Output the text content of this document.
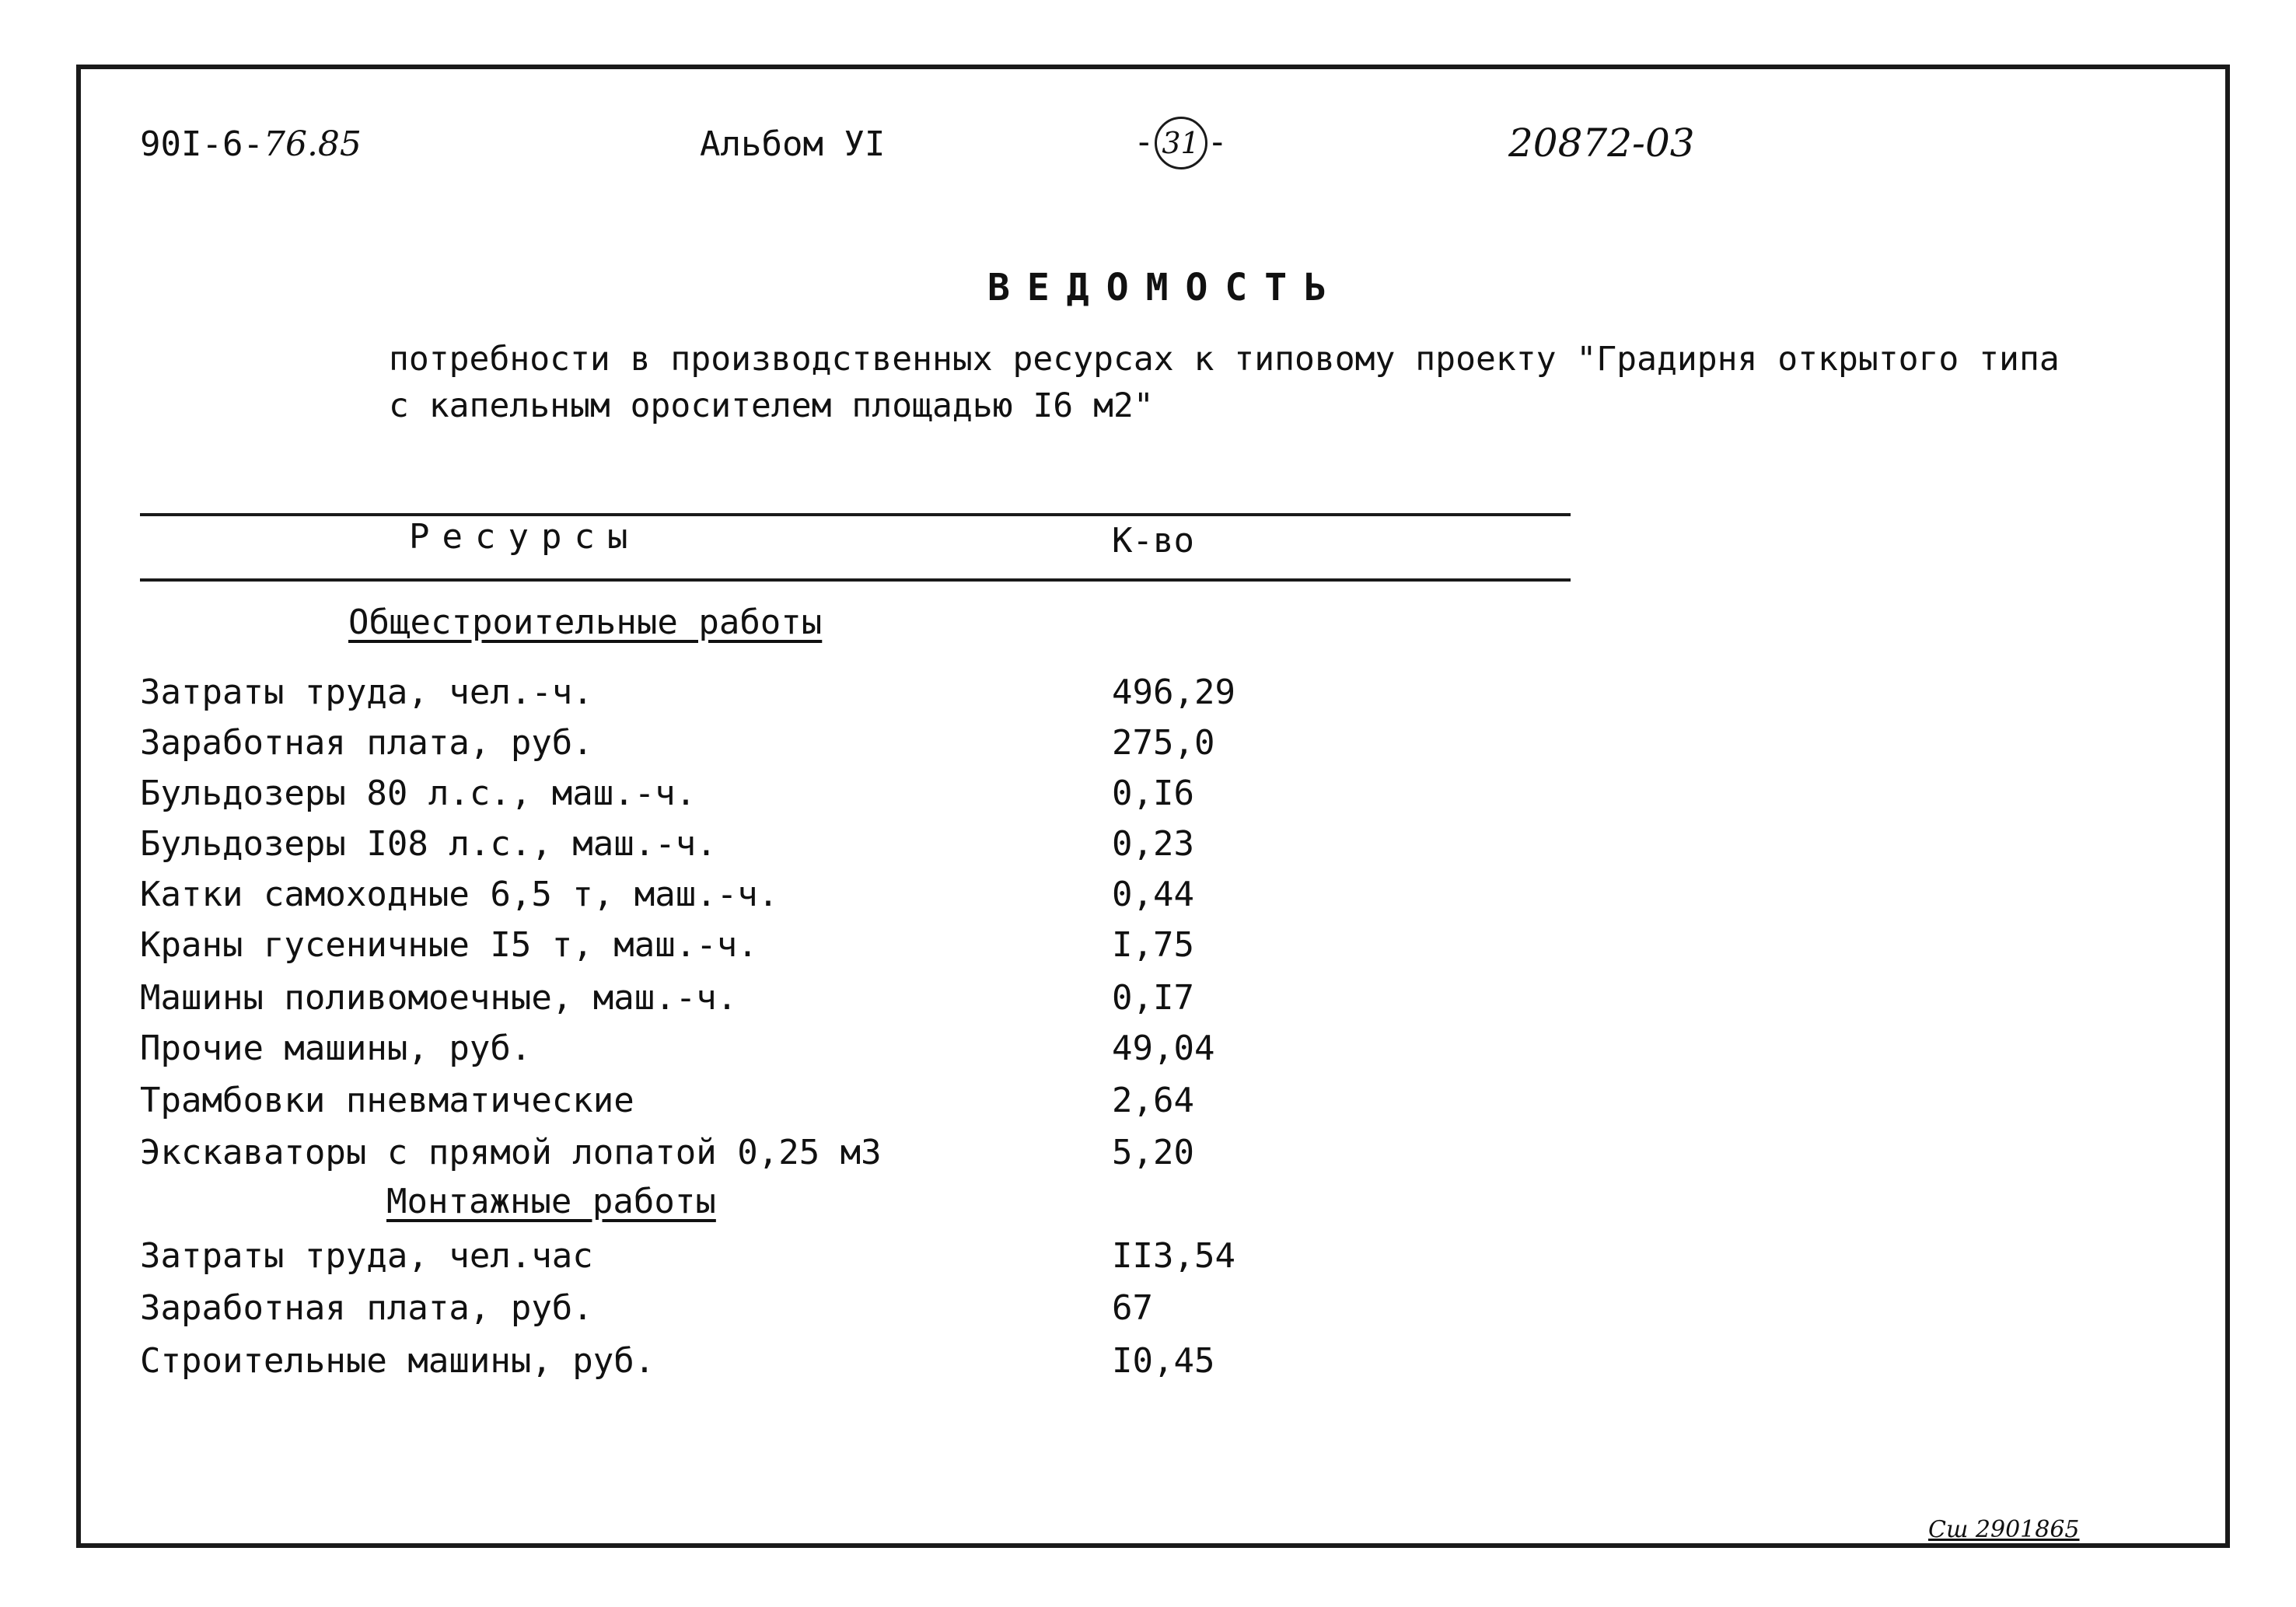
90I-6-76.85	Альбом УI	- 31 -	20872-03
ВЕДОМОСТЬ
потребности в производственных ресурсах к типовому проекту "Градирня открытого типа с капельным оросителем площадью I6 м2"
Ресурсы	К-во
Общестроительные работы
Затраты труда, чел.-ч.	496,29
Заработная плата, руб.	275,0
Бульдозеры 80 л.с., маш.-ч.	0,I6
Бульдозеры I08 л.с., маш.-ч.	0,23
Катки самоходные 6,5 т, маш.-ч.	0,44
Краны гусеничные I5 т, маш.-ч.	I,75
Машины поливомоечные, маш.-ч.	0,I7
Прочие машины, руб.	49,04
Трамбовки пневматические	2,64
Экскаваторы с прямой лопатой 0,25 м3	5,20
Монтажные работы
Затраты труда, чел.час	II3,54
Заработная плата, руб.	67
Строительные машины, руб.	I0,45
Сш 2901865
